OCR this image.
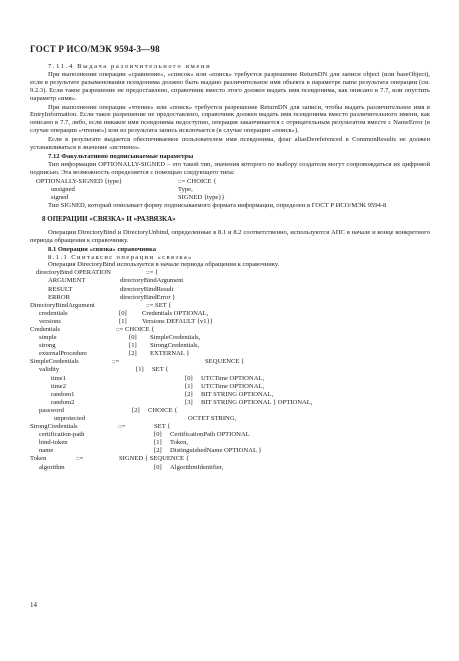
ГОСТ Р ИСО/МЭК 9594-3—98

7.11.4 Выдача различительного имени

При выполнении операции «сравнение», «список» или «поиск» требуется разрешение ReturnDN для записи object (или baseObject), если в результате разыменования псевдонима должно быть выдано различительное имя объекта в параметре name результата операции (см. 9.2.3). Если такое разрешение не предоставлено, справочник вместо этого должен выдать имя псевдонима, как описано в 7.7, или опустить параметр «имя».

При выполнении операции «чтение» или «поиск» требуется разрешение ReturnDN для записи, чтобы выдать различительное имя в EntryInformation. Если такое разрешение не предоставлено, справочник должен выдать имя псевдонима вместо различительного имени, как описано в 7.7, либо, если никакое имя псевдонима недоступно, операция заканчивается с отрицательным результатом вместе с NameError (в случае операции «чтение») или из результата запись исключается (в случае операции «поиск»).

Если в результате выдается обеспечиваемое пользователем имя псевдонима, флаг aliasDereferenced в CommonResults не должен устанавливаться в значение «истинно».

7.12 Факультативно подписываемые параметры

Тип информации OPTIONALLY-SIGNED – это такой тип, значения которого по выбору создателя могут сопровождаться их цифровой подписью. Эта возможность определяется с помощью следующего типа:

OPTIONALLY-SIGNED {type}	::= CHOICE {
unsigned	Type,
signed	SIGNED {type}}

Тип SIGNED, который описывает форму подписываемого формата информации, определен в ГОСТ Р ИСО/МЭК 9594-8

8 ОПЕРАЦИИ «СВЯЗКА» И «РАЗВЯЗКА»

Операции DirectoryBind и DirectoryUnbind, определенные в 8.1 и 8.2 соответственно, используются АПС в начале и конце конкретного периода обращения к справочнику.

8.1 Операция «связка» справочника

8.1.1 Синтаксис операции «связка»

Операция DirectoryBind используется в начале периода обращения к справочнику.

directoryBind OPERATION	::= {
ARGUMENT	directoryBindArgument
RESULT	directoryBindResult
ERROR	directoryBindError }
DirectoryBindArgument	::= SET {
credentials	[0] Credentials OPTIONAL,
versions	[1] Versions DEFAULT {v1}}
Credentials	::= CHOICE {
simple	[0] SimpleCredentials,
strong	[1] StrongCredentials,
externalProcedure	[2] EXTERNAL }
SimpleCredentials	::=	SEQUENCE {
validity	[1] SET {
time1	[0] UTCTime OPTIONAL,
time2	[1] UTCTime OPTIONAL,
random1	[2] BIT STRING OPTIONAL,
random2	[3] BIT STRING OPTIONAL } OPTIONAL,
password	[2] CHOICE {
unprotected	OCTET STRING,
StrongCredentials	::=	SET {
certification-path	[0] CertificationPath OPTIONAL
bind-token	[1] Token,
name	[2] DistinguishedName OPTIONAL }
Token	::=	SIGNED { SEQUENCE {
algorithm	[0] AlgorithmIdentifier,
14
